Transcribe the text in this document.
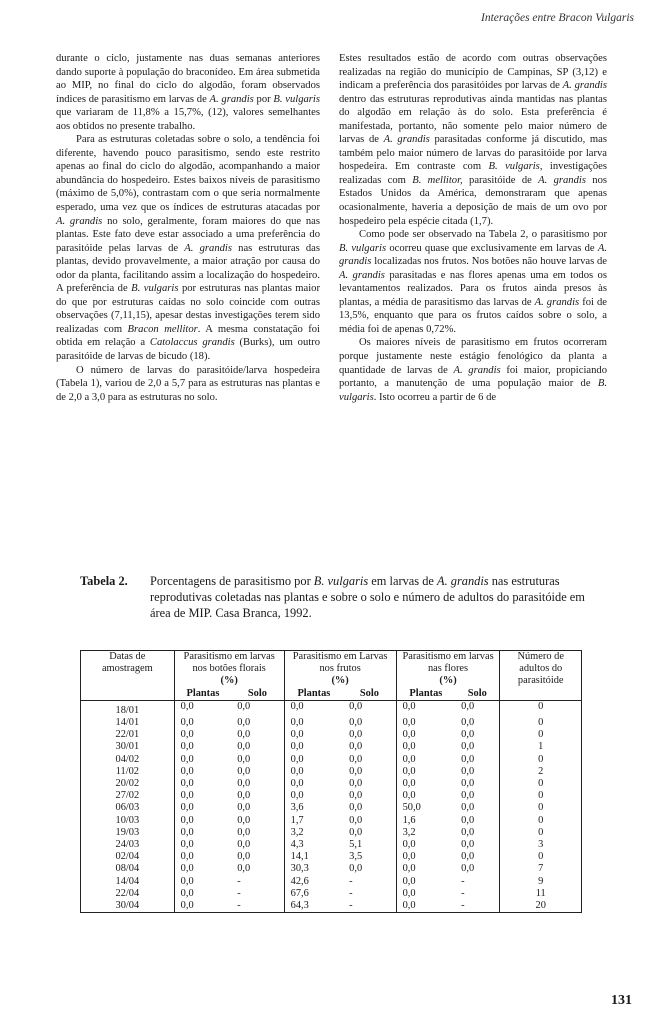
Interações entre Bracon Vulgaris

durante o ciclo, justamente nas duas semanas anteriores dando suporte à população do braconídeo. Em área submetida ao MIP, no final do ciclo do algodão, foram observados índices de parasitismo em larvas de A. grandis por B. vulgaris que variaram de 11,8% a 15,7%, (12), valores semelhantes aos obtidos no presente trabalho.

Para as estruturas coletadas sobre o solo, a tendência foi diferente, havendo pouco parasitismo, sendo este restrito apenas ao final do ciclo do algodão, acompanhando a maior abundância do hospedeiro. Estes baixos níveis de parasitismo (máximo de 5,0%), contrastam com o que seria normalmente esperado, uma vez que os índices de estruturas atacadas por A. grandis no solo, geralmente, foram maiores do que nas plantas. Este fato deve estar associado a uma preferência do parasitóide pelas larvas de A. grandis nas estruturas das plantas, devido provavelmente, a maior atração por causa do odor da planta, facilitando assim a localização do hospedeiro. A preferência de B. vulgaris por estruturas nas plantas maior do que por estruturas caídas no solo coincide com outras observações (7,11,15), apesar destas investigações terem sido realizadas com Bracon mellitor. A mesma constatação foi obtida em relação a Catolaccus grandis (Burks), um outro parasitóide de larvas de bicudo (18).

O número de larvas do parasitóide/larva hospedeira (Tabela 1), variou de 2,0 a 5,7 para as estruturas nas plantas e de 2,0 a 3,0 para as estruturas no solo.

Estes resultados estão de acordo com outras observações realizadas na região do município de Campinas, SP (3,12) e indicam a preferência dos parasitóides por larvas de A. grandis dentro das estruturas reprodutivas ainda mantidas nas plantas do algodão em relação às do solo. Esta preferência é manifestada, portanto, não somente pelo maior número de larvas de A. grandis parasitadas conforme já discutido, mas também pelo maior número de larvas do parasitóide por larva hospedeira. Em contraste com B. vulgaris, investigações realizadas com B. mellitor, parasitóide de A. grandis nos Estados Unidos da América, demonstraram que apenas ocasionalmente, haveria a deposição de mais de um ovo por hospedeiro pela espécie citada (1,7).

Como pode ser observado na Tabela 2, o parasitismo por B. vulgaris ocorreu quase que exclusivamente em larvas de A. grandis localizadas nos frutos. Nos botões não houve larvas de A. grandis parasitadas e nas flores apenas uma em todos os levantamentos realizados. Para os frutos ainda presos às plantas, a média de parasitismo das larvas de A. grandis foi de 13,5%, enquanto que para os frutos caídos sobre o solo, a média foi de apenas 0,72%.

Os maiores níveis de parasitismo em frutos ocorreram porque justamente neste estágio fenológico da planta a quantidade de larvas de A. grandis foi maior, propiciando portanto, a manutenção de uma população maior de B. vulgaris. Isto ocorreu a partir de 6 de

Tabela 2. Porcentagens de parasitismo por B. vulgaris em larvas de A. grandis nas estruturas reprodutivas coletadas nas plantas e sobre o solo e número de adultos do parasitóide em área de MIP. Casa Branca, 1992.
Datas de amostragem	Parasitismo em larvas nos botões florais		Parasitismo em Larvas nos frutos		Parasitismo em larvas nas flores		Número de adultos do parasitóide
	(%)		(%)		(%)		
	Plantas	Solo	Plantas	Solo	Plantas	Solo	
18/01	0,0	0,0	0,0	0,0	0,0	0,0	0
14/01	0,0	0,0	0,0	0,0	0,0	0,0	0
22/01	0,0	0,0	0,0	0,0	0,0	0,0	0
30/01	0,0	0,0	0,0	0,0	0,0	0,0	1
04/02	0,0	0,0	0,0	0,0	0,0	0,0	0
11/02	0,0	0,0	0,0	0,0	0,0	0,0	2
20/02	0,0	0,0	0,0	0,0	0,0	0,0	0
27/02	0,0	0,0	0,0	0,0	0,0	0,0	0
06/03	0,0	0,0	3,6	0,0	50,0	0,0	0
10/03	0,0	0,0	1,7	0,0	1,6	0,0	0
19/03	0,0	0,0	3,2	0,0	3,2	0,0	0
24/03	0,0	0,0	4,3	5,1	0,0	0,0	3
02/04	0,0	0,0	14,1	3,5	0,0	0,0	0
08/04	0,0	0,0	30,3	0,0	0,0	0,0	7
14/04	0,0	-	42,6	-	0,0	-	9
22/04	0,0	-	67,6	-	0,0	-	11
30/04	0,0	-	64,3	-	0,0	-	20
131
